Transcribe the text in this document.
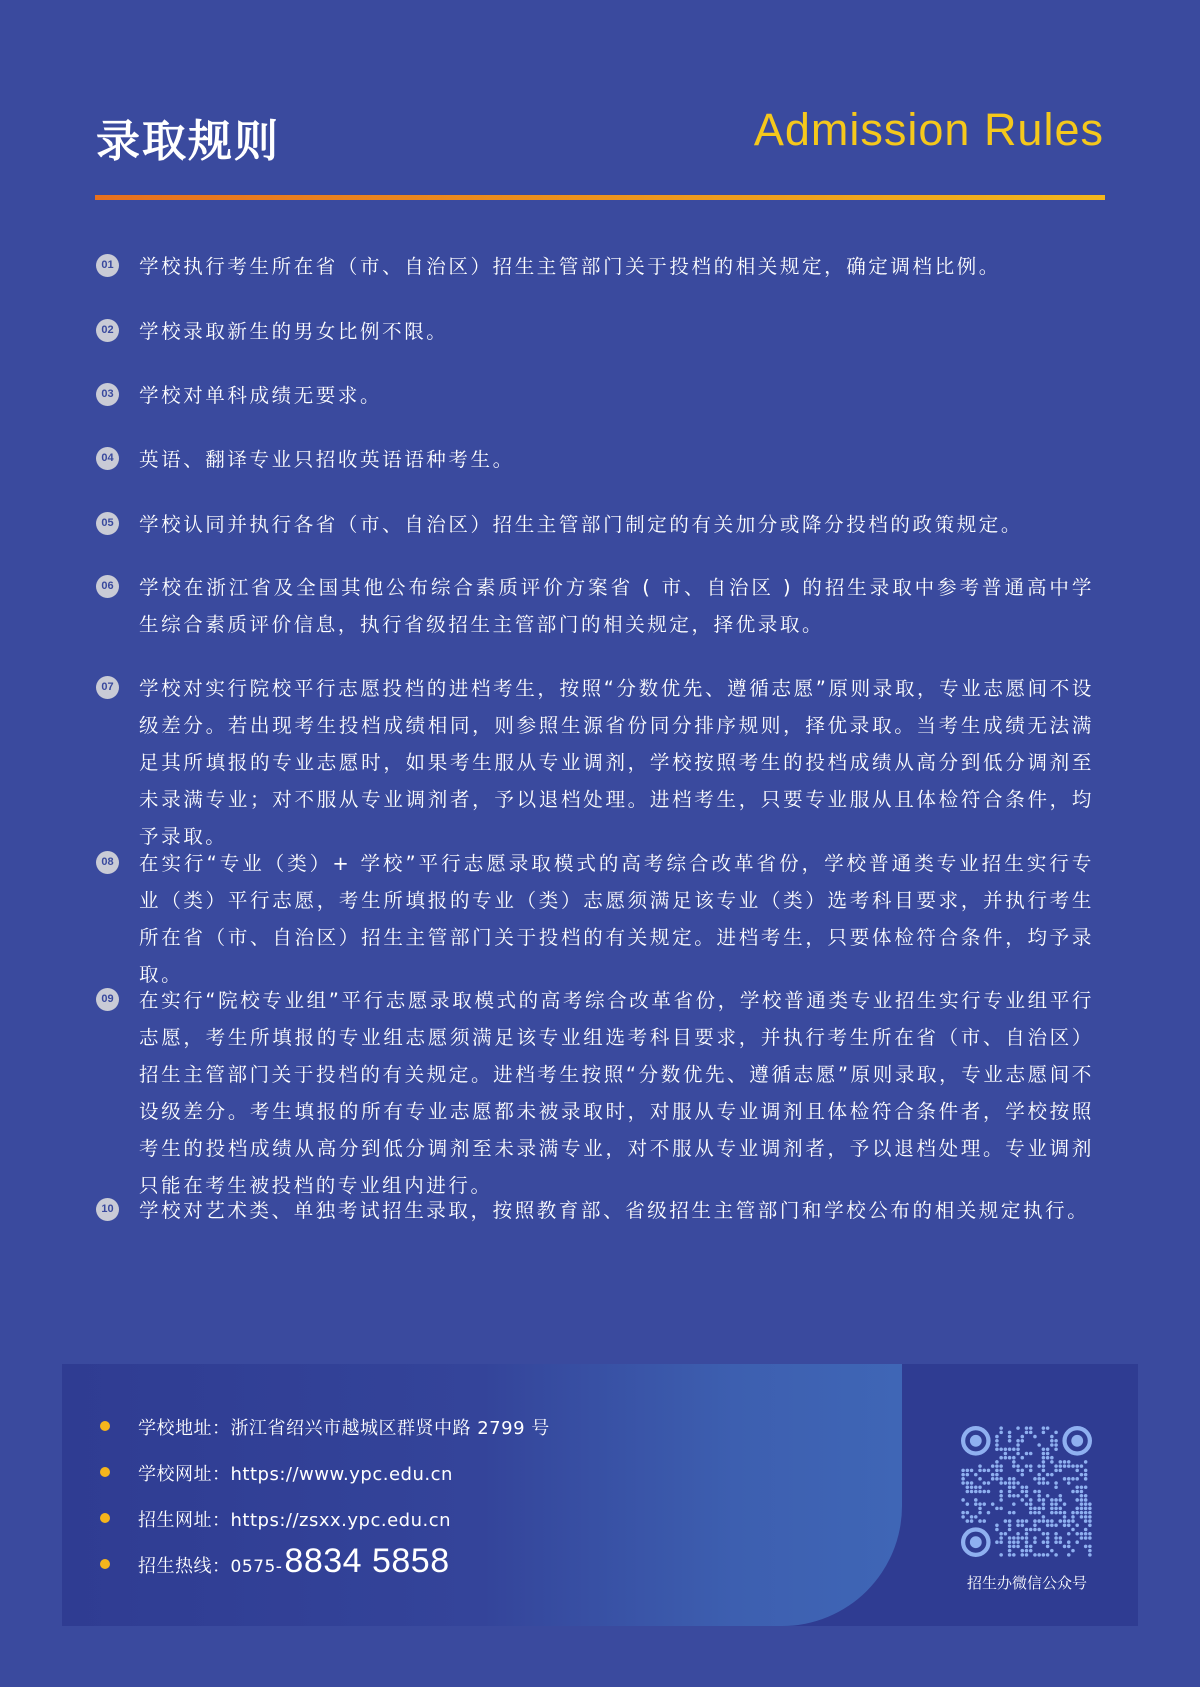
录取规则	Admission Rules
01 学校执行考生所在省（市、自治区）招生主管部门关于投档的相关规定，确定调档比例。
02 学校录取新生的男女比例不限。
03 学校对单科成绩无要求。
04 英语、翻译专业只招收英语语种考生。
05 学校认同并执行各省（市、自治区）招生主管部门制定的有关加分或降分投档的政策规定。
06 学校在浙江省及全国其他公布综合素质评价方案省 ( 市、自治区 ) 的招生录取中参考普通高中学生综合素质评价信息，执行省级招生主管部门的相关规定，择优录取。
07 学校对实行院校平行志愿投档的进档考生，按照“分数优先、遵循志愿”原则录取，专业志愿间不设级差分。若出现考生投档成绩相同，则参照生源省份同分排序规则，择优录取。当考生成绩无法满足其所填报的专业志愿时，如果考生服从专业调剂，学校按照考生的投档成绩从高分到低分调剂至未录满专业；对不服从专业调剂者，予以退档处理。进档考生，只要专业服从且体检符合条件，均予录取。
08 在实行“专业（类）+ 学校”平行志愿录取模式的高考综合改革省份，学校普通类专业招生实行专业（类）平行志愿，考生所填报的专业（类）志愿须满足该专业（类）选考科目要求，并执行考生所在省（市、自治区）招生主管部门关于投档的有关规定。进档考生，只要体检符合条件，均予录取。
09 在实行“院校专业组”平行志愿录取模式的高考综合改革省份，学校普通类专业招生实行专业组平行志愿，考生所填报的专业组志愿须满足该专业组选考科目要求，并执行考生所在省（市、自治区）招生主管部门关于投档的有关规定。进档考生按照“分数优先、遵循志愿”原则录取，专业志愿间不设级差分。考生填报的所有专业志愿都未被录取时，对服从专业调剂且体检符合条件者，学校按照考生的投档成绩从高分到低分调剂至未录满专业，对不服从专业调剂者，予以退档处理。专业调剂只能在考生被投档的专业组内进行。
10 学校对艺术类、单独考试招生录取，按照教育部、省级招生主管部门和学校公布的相关规定执行。
学校地址： 浙江省绍兴市越城区群贤中路 2799 号
学校网址： https://www.ypc.edu.cn
招生网址： https://zsxx.ypc.edu.cn
招生热线： 0575- 8834 5858
招生办微信公众号
